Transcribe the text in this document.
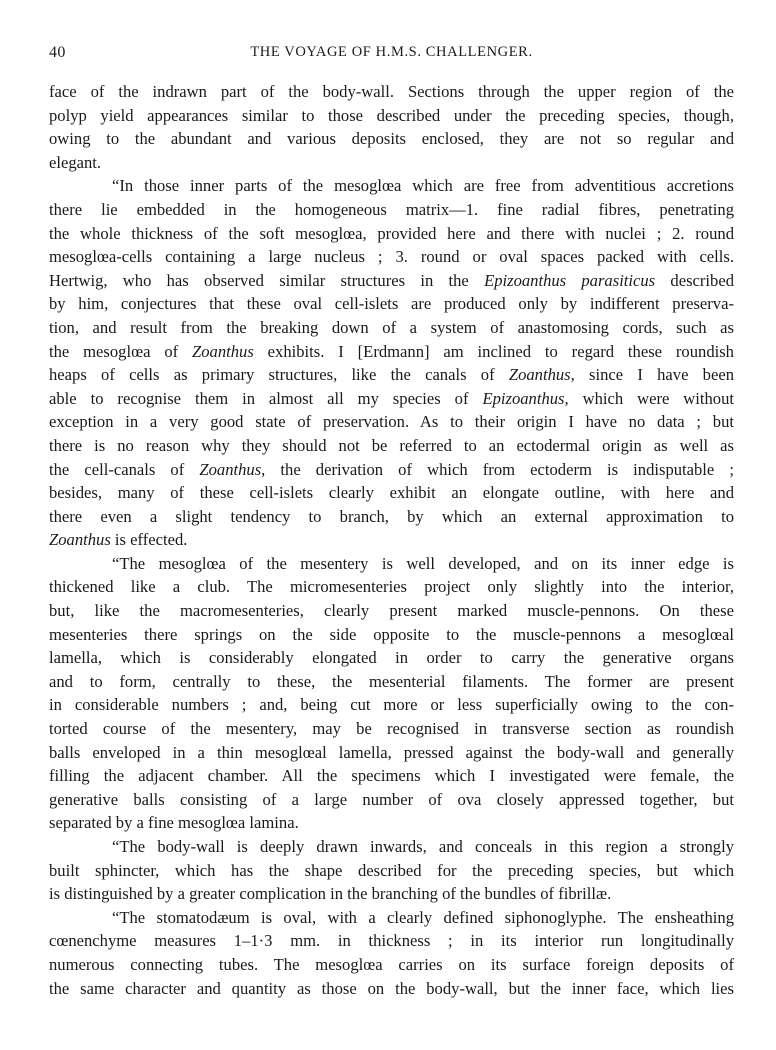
40	THE VOYAGE OF H.M.S. CHALLENGER.
face of the indrawn part of the body-wall. Sections through the upper region of the
polyp yield appearances similar to those described under the preceding species, though,
owing to the abundant and various deposits enclosed, they are not so regular and
elegant.
“In those inner parts of the mesoglœa which are free from adventitious accretions
there lie embedded in the homogeneous matrix—1. fine radial fibres, penetrating
the whole thickness of the soft mesoglœa, provided here and there with nuclei ; 2. round
mesoglœa-cells containing a large nucleus ; 3. round or oval spaces packed with cells.
Hertwig, who has observed similar structures in the Epizoanthus parasiticus described
by him, conjectures that these oval cell-islets are produced only by indifferent preserva-
tion, and result from the breaking down of a system of anastomosing cords, such as
the mesoglœa of Zoanthus exhibits. I [Erdmann] am inclined to regard these roundish
heaps of cells as primary structures, like the canals of Zoanthus, since I have been
able to recognise them in almost all my species of Epizoanthus, which were without
exception in a very good state of preservation. As to their origin I have no data ; but
there is no reason why they should not be referred to an ectodermal origin as well as
the cell-canals of Zoanthus, the derivation of which from ectoderm is indisputable ;
besides, many of these cell-islets clearly exhibit an elongate outline, with here and
there even a slight tendency to branch, by which an external approximation to
Zoanthus is effected.
“The mesoglœa of the mesentery is well developed, and on its inner edge is
thickened like a club. The micromesenteries project only slightly into the interior,
but, like the macromesenteries, clearly present marked muscle-pennons. On these
mesenteries there springs on the side opposite to the muscle-pennons a mesoglœal
lamella, which is considerably elongated in order to carry the generative organs
and to form, centrally to these, the mesenterial filaments. The former are present
in considerable numbers ; and, being cut more or less superficially owing to the con-
torted course of the mesentery, may be recognised in transverse section as roundish
balls enveloped in a thin mesoglœal lamella, pressed against the body-wall and generally
filling the adjacent chamber. All the specimens which I investigated were female, the
generative balls consisting of a large number of ova closely appressed together, but
separated by a fine mesoglœa lamina.
“The body-wall is deeply drawn inwards, and conceals in this region a strongly
built sphincter, which has the shape described for the preceding species, but which
is distinguished by a greater complication in the branching of the bundles of fibrillæ.
“The stomatodæum is oval, with a clearly defined siphonoglyphe. The ensheathing
cœnenchyme measures 1–1·3 mm. in thickness ; in its interior run longitudinally
numerous connecting tubes. The mesoglœa carries on its surface foreign deposits of
the same character and quantity as those on the body-wall, but the inner face, which lies
